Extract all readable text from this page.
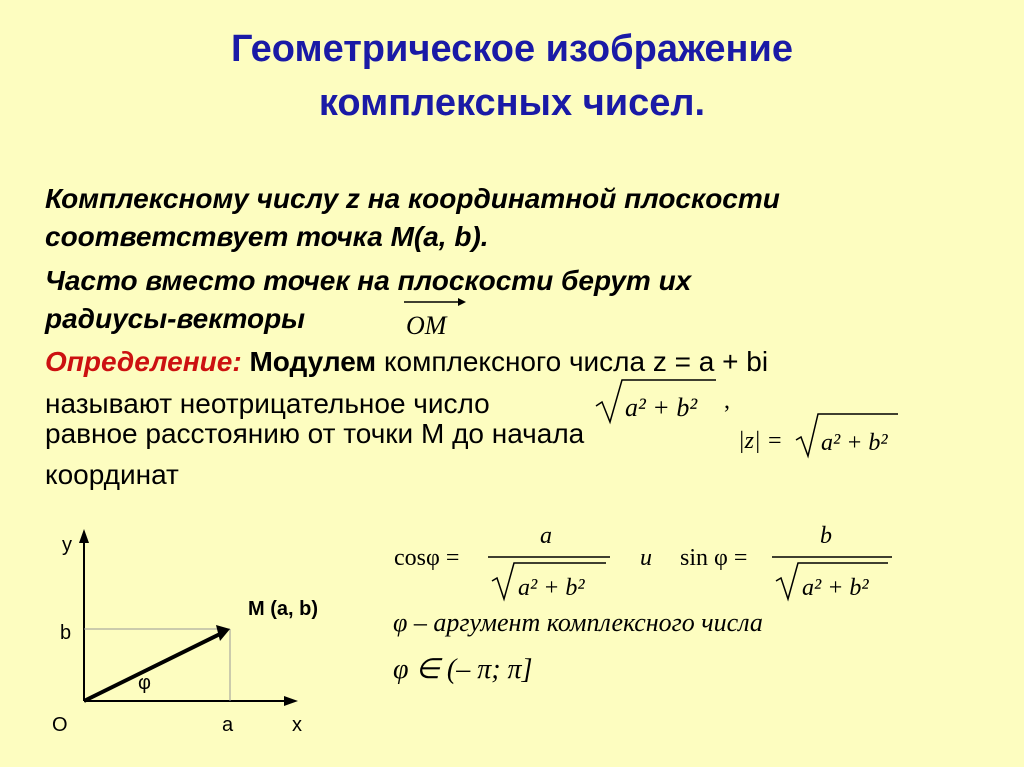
Геометрическое изображение
комплексных чисел.
Комплексному числу z на координатной плоскости
соответствует точка М(a, b).
Часто вместо точек на плоскости берут их
радиусы-векторы	OM
Определение: Модулем комплексного числа z = a + bi
называют неотрицательное число	a² + b² ,
равное расстоянию от точки М до начала
координат
|z| = a² + b²
y
x
O
b
a
M (a, b)
φ
cosφ =
a
a² + b²
и sin φ =
b
a² + b²
φ – аргумент комплексного числа
φ ∈ (– π; π]
